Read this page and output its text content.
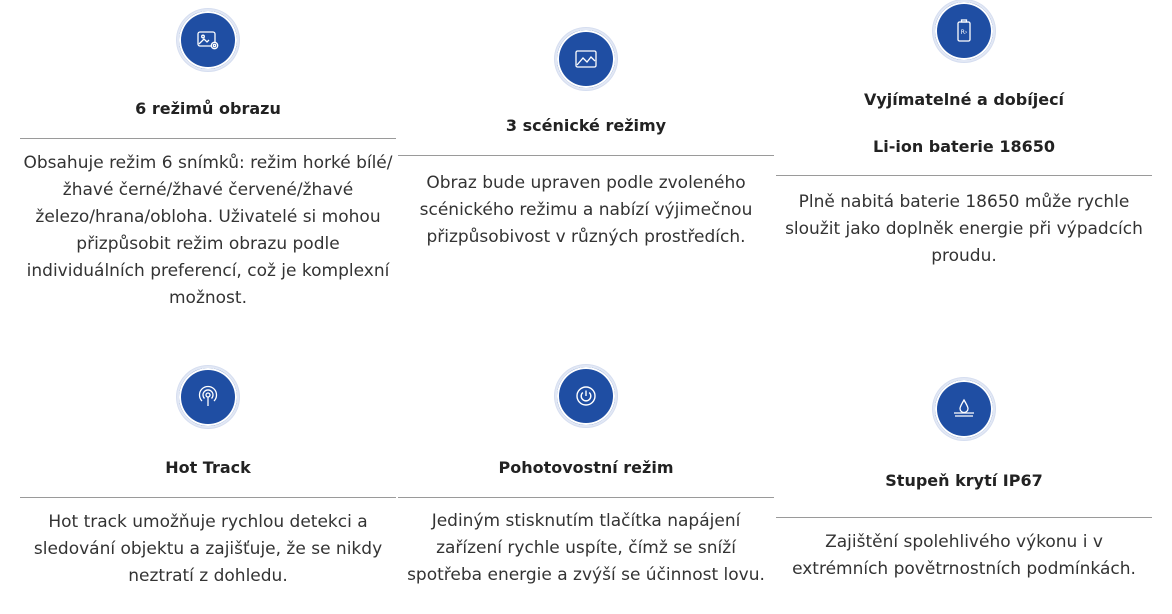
6 režimů obrazu
Obsahuje režim 6 snímků: režim horké bílé/žhavé černé/žhavé červené/žhavé železo/hrana/obloha. Uživatelé si mohou přizpůsobit režim obrazu podle individuálních preferencí, což je komplexní možnost.
3 scénické režimy
Obraz bude upraven podle zvoleného scénického režimu a nabízí výjimečnou přizpůsobivost v různých prostředích.
R›
Vyjímatelné a dobíjecí
Li-ion baterie 18650
Plně nabitá baterie 18650 může rychle sloužit jako doplněk energie při výpadcích proudu.
Hot Track
Hot track umožňuje rychlou detekci a sledování objektu a zajišťuje, že se nikdy neztratí z dohledu.
Pohotovostní režim
Jediným stisknutím tlačítka napájení zařízení rychle uspíte, čímž se sníží spotřeba energie a zvýší se účinnost lovu.
Stupeň krytí IP67
Zajištění spolehlivého výkonu i v extrémních povětrnostních podmínkách.
